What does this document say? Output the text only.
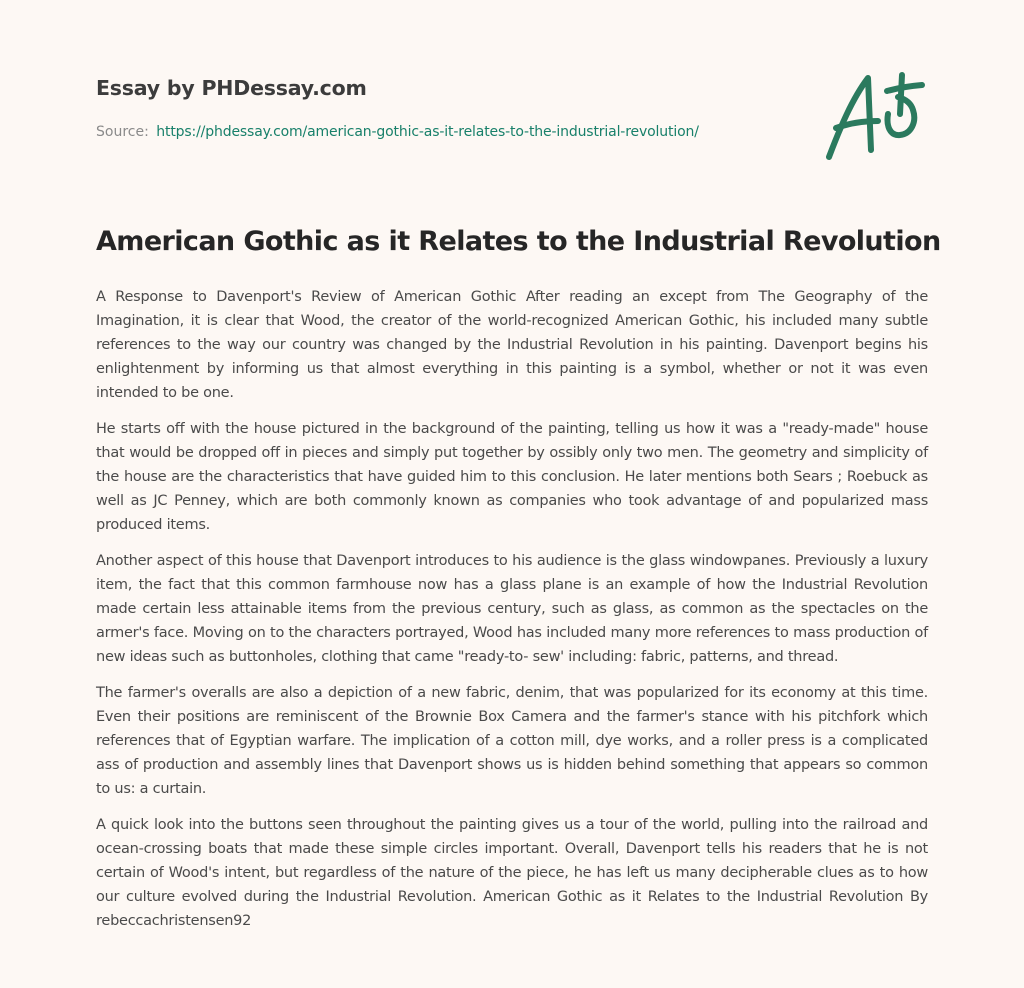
Essay by PHDessay.com
Source: https://phdessay.com/american-gothic-as-it-relates-to-the-industrial-revolution/
American Gothic as it Relates to the Industrial Revolution

A Response to Davenport's Review of American Gothic After reading an except from The Geography of the Imagination, it is clear that Wood, the creator of the world-recognized American Gothic, his included many subtle references to the way our country was changed by the Industrial Revolution in his painting. Davenport begins his enlightenment by informing us that almost everything in this painting is a symbol, whether or not it was even intended to be one.

He starts off with the house pictured in the background of the painting, telling us how it was a "ready-made" house that would be dropped off in pieces and simply put together by ossibly only two men. The geometry and simplicity of the house are the characteristics that have guided him to this conclusion. He later mentions both Sears ; Roebuck as well as JC Penney, which are both commonly known as companies who took advantage of and popularized mass produced items.

Another aspect of this house that Davenport introduces to his audience is the glass windowpanes. Previously a luxury item, the fact that this common farmhouse now has a glass plane is an example of how the Industrial Revolution made certain less attainable items from the previous century, such as glass, as common as the spectacles on the armer's face. Moving on to the characters portrayed, Wood has included many more references to mass production of new ideas such as buttonholes, clothing that came "ready-to- sew' including: fabric, patterns, and thread.

The farmer's overalls are also a depiction of a new fabric, denim, that was popularized for its economy at this time. Even their positions are reminiscent of the Brownie Box Camera and the farmer's stance with his pitchfork which references that of Egyptian warfare. The implication of a cotton mill, dye works, and a roller press is a complicated ass of production and assembly lines that Davenport shows us is hidden behind something that appears so common to us: a curtain.

A quick look into the buttons seen throughout the painting gives us a tour of the world, pulling into the railroad and ocean-crossing boats that made these simple circles important. Overall, Davenport tells his readers that he is not certain of Wood's intent, but regardless of the nature of the piece, he has left us many decipherable clues as to how our culture evolved during the Industrial Revolution. American Gothic as it Relates to the Industrial Revolution By rebeccachristensen92
